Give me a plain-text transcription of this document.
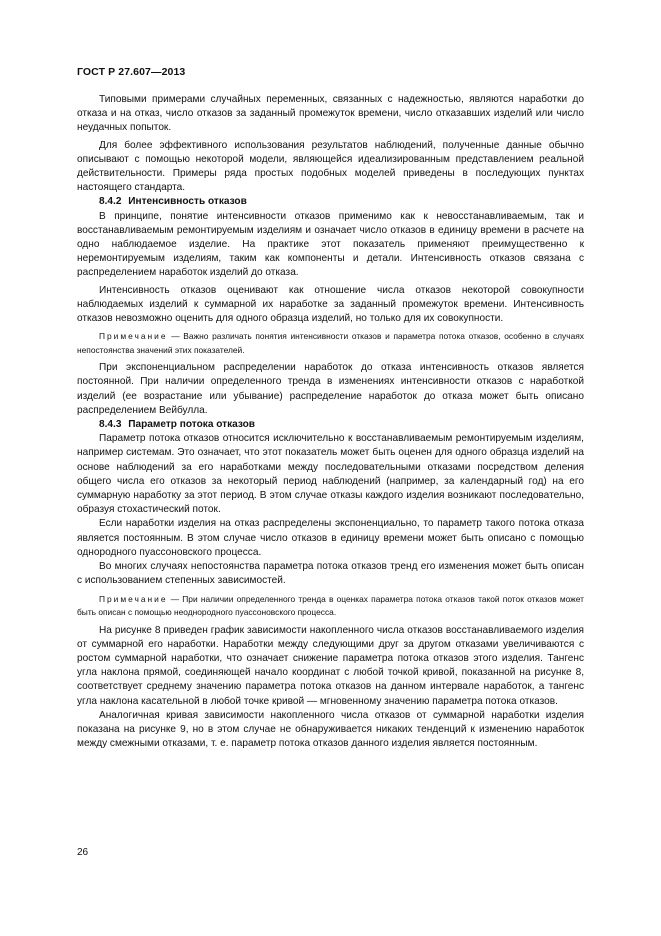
ГОСТ Р 27.607—2013

Типовыми примерами случайных переменных, связанных с надежностью, являются наработки до отказа и на отказ, число отказов за заданный промежуток времени, число отказавших изделий или число неудачных попыток.

Для более эффективного использования результатов наблюдений, полученные данные обычно описывают с помощью некоторой модели, являющейся идеализированным представлением реальной действительности. Примеры ряда простых подобных моделей приведены в последующих пунктах настоящего стандарта.

8.4.2 Интенсивность отказов

В принципе, понятие интенсивности отказов применимо как к невосстанавливаемым, так и восстанавливаемым ремонтируемым изделиям и означает число отказов в единицу времени в расчете на одно наблюдаемое изделие. На практике этот показатель применяют преимущественно к неремонтируемым изделиям, таким как компоненты и детали. Интенсивность отказов связана с распределением наработок изделий до отказа.

Интенсивность отказов оценивают как отношение числа отказов некоторой совокупности наблюдаемых изделий к суммарной их наработке за заданный промежуток времени. Интенсивность отказов невозможно оценить для одного образца изделий, но только для их совокупности.

Примечание — Важно различать понятия интенсивности отказов и параметра потока отказов, особенно в случаях непостоянства значений этих показателей.

При экспоненциальном распределении наработок до отказа интенсивность отказов является постоянной. При наличии определенного тренда в изменениях интенсивности отказов с наработкой изделий (ее возрастание или убывание) распределение наработок до отказа может быть описано распределением Вейбулла.

8.4.3 Параметр потока отказов

Параметр потока отказов относится исключительно к восстанавливаемым ремонтируемым изделиям, например системам. Это означает, что этот показатель может быть оценен для одного образца изделий на основе наблюдений за его наработками между последовательными отказами посредством деления общего числа его отказов за некоторый период наблюдений (например, за календарный год) на его суммарную наработку за этот период. В этом случае отказы каждого изделия возникают последовательно, образуя стохастический поток.

Если наработки изделия на отказ распределены экспоненциально, то параметр такого потока отказа является постоянным. В этом случае число отказов в единицу времени может быть описано с помощью однородного пуассоновского процесса.

Во многих случаях непостоянства параметра потока отказов тренд его изменения может быть описан с использованием степенных зависимостей.

Примечание — При наличии определенного тренда в оценках параметра потока отказов такой поток отказов может быть описан с помощью неоднородного пуассоновского процесса.

На рисунке 8 приведен график зависимости накопленного числа отказов восстанавливаемого изделия от суммарной его наработки. Наработки между следующими друг за другом отказами увеличиваются с ростом суммарной наработки, что означает снижение параметра потока отказов этого изделия. Тангенс угла наклона прямой, соединяющей начало координат с любой точкой кривой, показанной на рисунке 8, соответствует среднему значению параметра потока отказов на данном интервале наработок, а тангенс угла наклона касательной в любой точке кривой — мгновенному значению параметра потока отказов.

Аналогичная кривая зависимости накопленного числа отказов от суммарной наработки изделия показана на рисунке 9, но в этом случае не обнаруживается никаких тенденций к изменению наработок между смежными отказами, т. е. параметр потока отказов данного изделия является постоянным.

26
